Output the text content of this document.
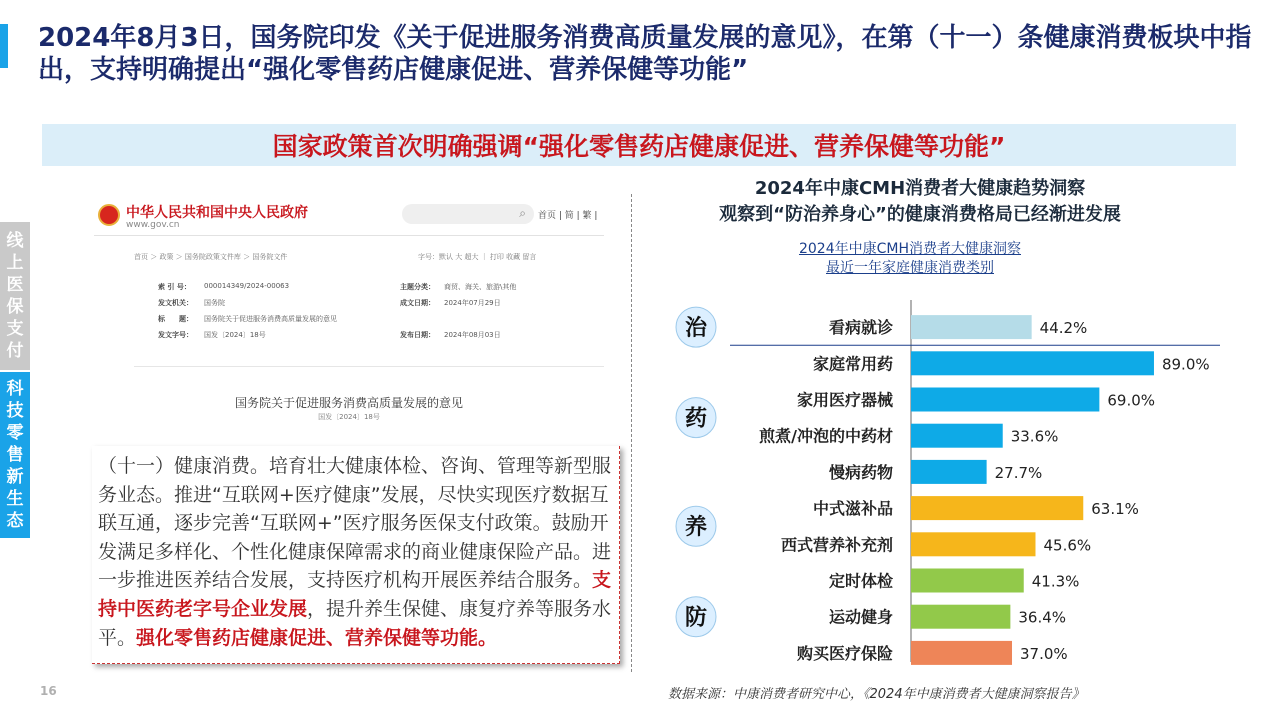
2024年8月3日，国务院印发《关于促进服务消费高质量发展的意见》，在第（十一）条健康消费板块中指出，支持明确提出“强化零售药店健康促进、营养保健等功能”
线
上
医
保
支
付
科
技
零
售
新
生
态
国家政策首次明确强调“强化零售药店健康促进、营养保健等功能”
中华人民共和国中央人民政府
www.gov.cn
⌕ 首页 | 简 | 繁 |
首页 ＞ 政策 ＞ 国务院政策文件库 ＞ 国务院文件	字号：默认 大 超大 ｜ 打印 收藏 留言
索 引 号： 000014349/2024-00063	主题分类： 商贸、海关、旅游\其他
发文机关： 国务院	成文日期： 2024年07月29日
标　　题： 国务院关于促进服务消费高质量发展的意见
发文字号： 国发〔2024〕18号	发布日期： 2024年08月03日
国务院关于促进服务消费高质量发展的意见
国发〔2024〕18号
（十一）健康消费。培育壮大健康体检、咨询、管理等新型服务业态。推进“互联网+医疗健康”发展，尽快实现医疗数据互联互通，逐步完善“互联网+”医疗服务医保支付政策。鼓励开发满足多样化、个性化健康保障需求的商业健康保险产品。进一步推进医养结合发展，支持医疗机构开展医养结合服务。支持中医药老字号企业发展，提升养生保健、康复疗养等服务水平。强化零售药店健康促进、营养保健等功能。
2024年中康CMH消费者大健康趋势洞察
观察到“防治养身心”的健康消费格局已经渐进发展
2024年中康CMH消费者大健康洞察
最近一年家庭健康消费类别
看病就诊	44.2%
家庭常用药	89.0%
家用医疗器械	69.0%
煎煮/冲泡的中药材	33.6%
慢病药物	27.7%
中式滋补品	63.1%
西式营养补充剂	45.6%
定时体检	41.3%
运动健身	36.4%
购买医疗保险	37.0%
治
药
养
防
数据来源：中康消费者研究中心，《2024年中康消费者大健康洞察报告》
16
